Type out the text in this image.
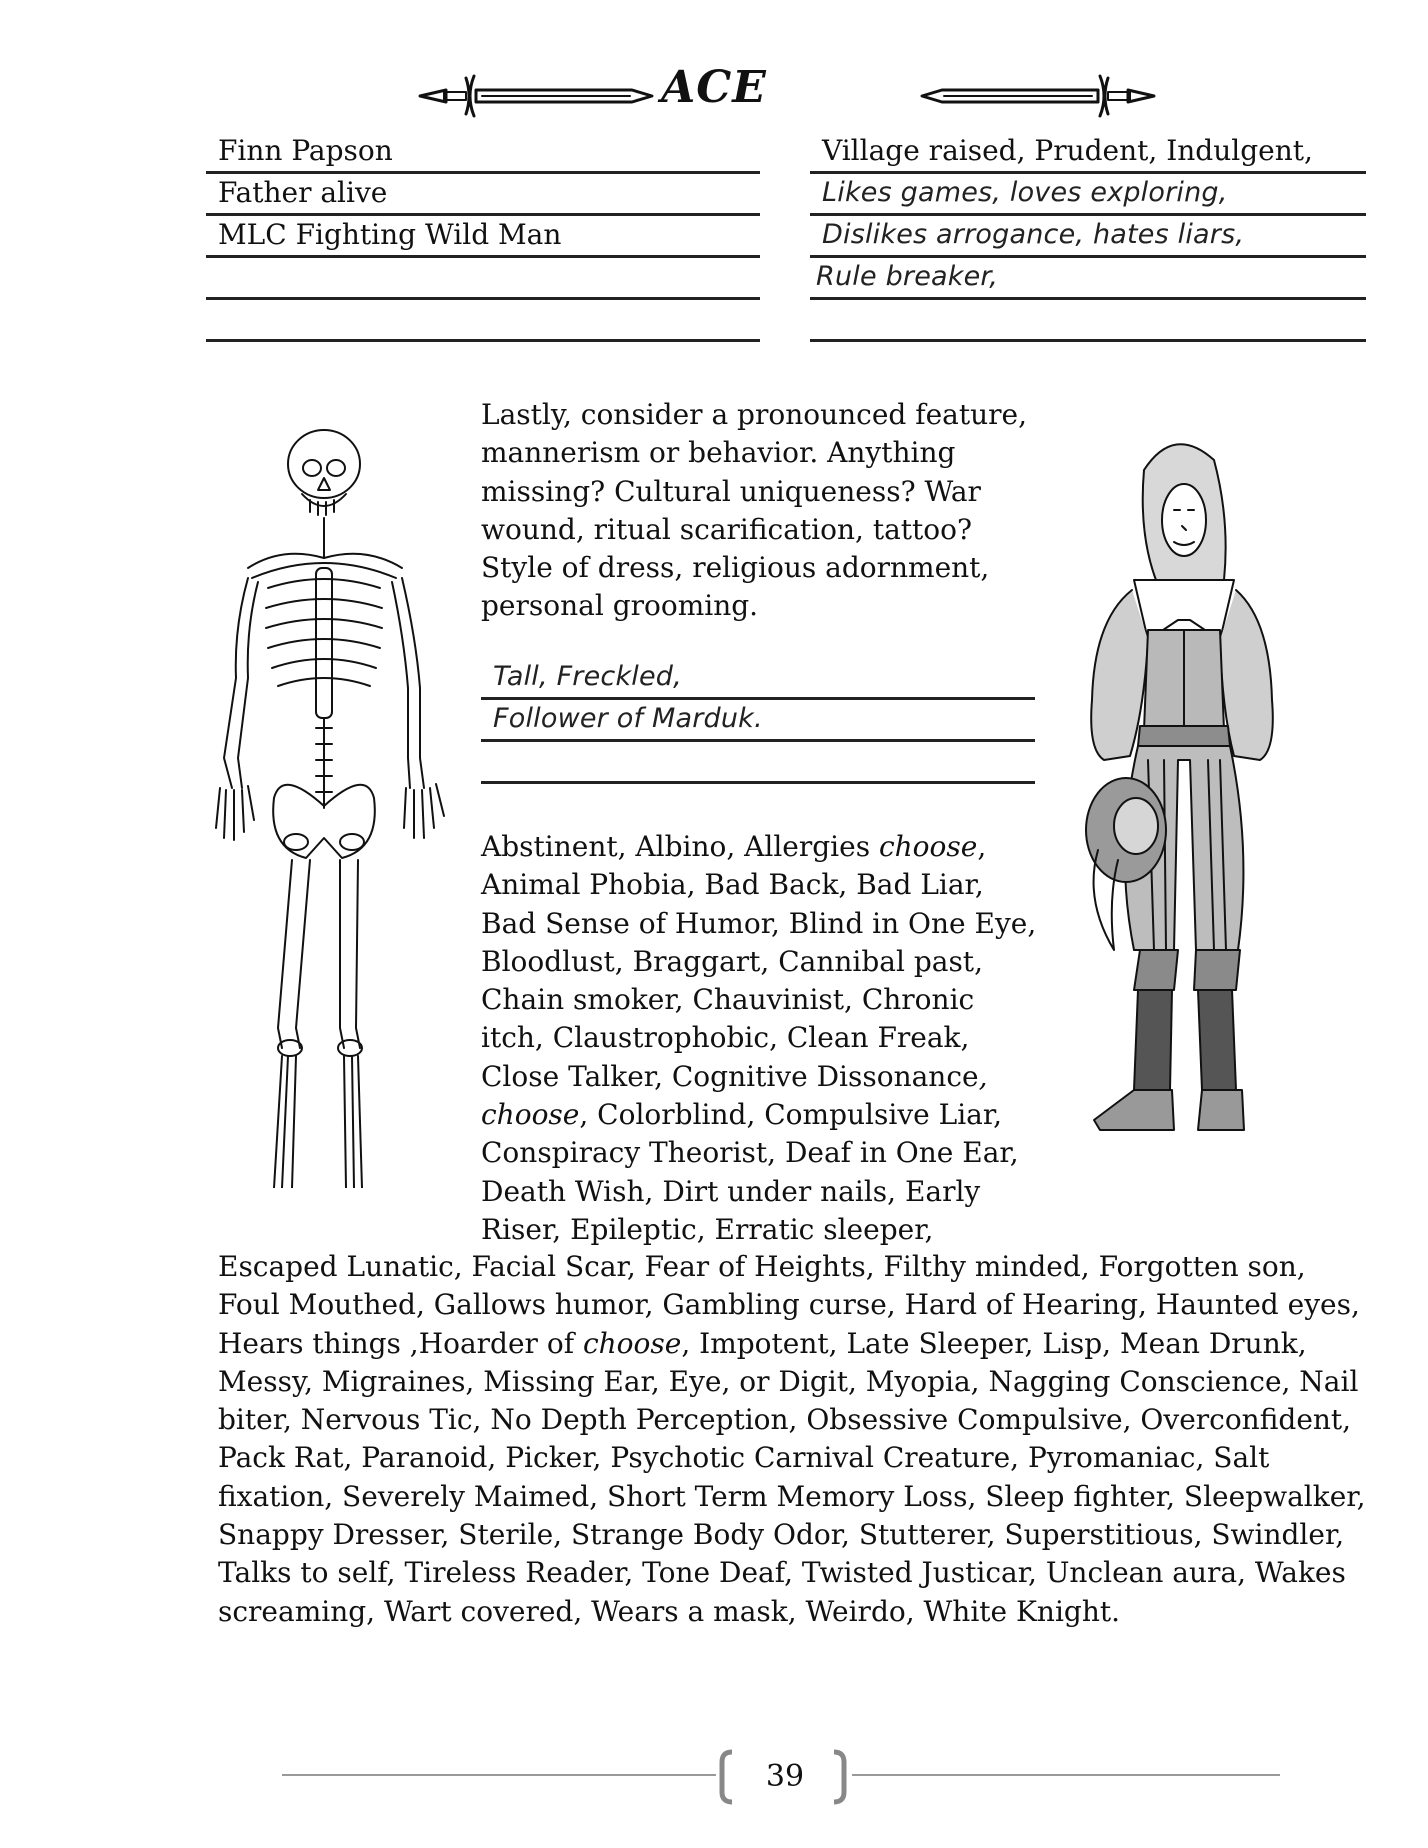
ACE
Finn Papson
Father alive
MLC Fighting Wild Man
Village raised, Prudent, Indulgent,
Likes games, loves exploring,
Dislikes arrogance, hates liars,
Rule breaker,
Lastly, consider a pronounced feature, mannerism or behavior. Anything missing? Cultural uniqueness? War wound, ritual scarification, tattoo? Style of dress, religious adornment, personal grooming.
Tall, Freckled,
Follower of Marduk.
Abstinent, Albino, Allergies choose, Animal Phobia, Bad Back, Bad Liar, Bad Sense of Humor, Blind in One Eye, Bloodlust, Braggart, Cannibal past, Chain smoker, Chauvinist, Chronic itch, Claustrophobic, Clean Freak, Close Talker, Cognitive Dissonance, choose, Colorblind, Compulsive Liar, Conspiracy Theorist, Deaf in One Ear, Death Wish, Dirt under nails, Early Riser, Epileptic, Erratic sleeper,
Escaped Lunatic, Facial Scar, Fear of Heights, Filthy minded, Forgotten son, Foul Mouthed, Gallows humor, Gambling curse, Hard of Hearing, Haunted eyes, Hears things ,Hoarder of choose, Impotent, Late Sleeper, Lisp, Mean Drunk, Messy, Migraines, Missing Ear, Eye, or Digit, Myopia, Nagging Conscience, Nail biter, Nervous Tic, No Depth Perception, Obsessive Compulsive, Overconfident, Pack Rat, Paranoid, Picker, Psychotic Carnival Creature, Pyromaniac, Salt fixation, Severely Maimed, Short Term Memory Loss, Sleep fighter, Sleepwalker, Snappy Dresser, Sterile, Strange Body Odor, Stutterer, Superstitious, Swindler, Talks to self, Tireless Reader, Tone Deaf, Twisted Justicar, Unclean aura, Wakes screaming, Wart covered, Wears a mask, Weirdo, White Knight.
39
